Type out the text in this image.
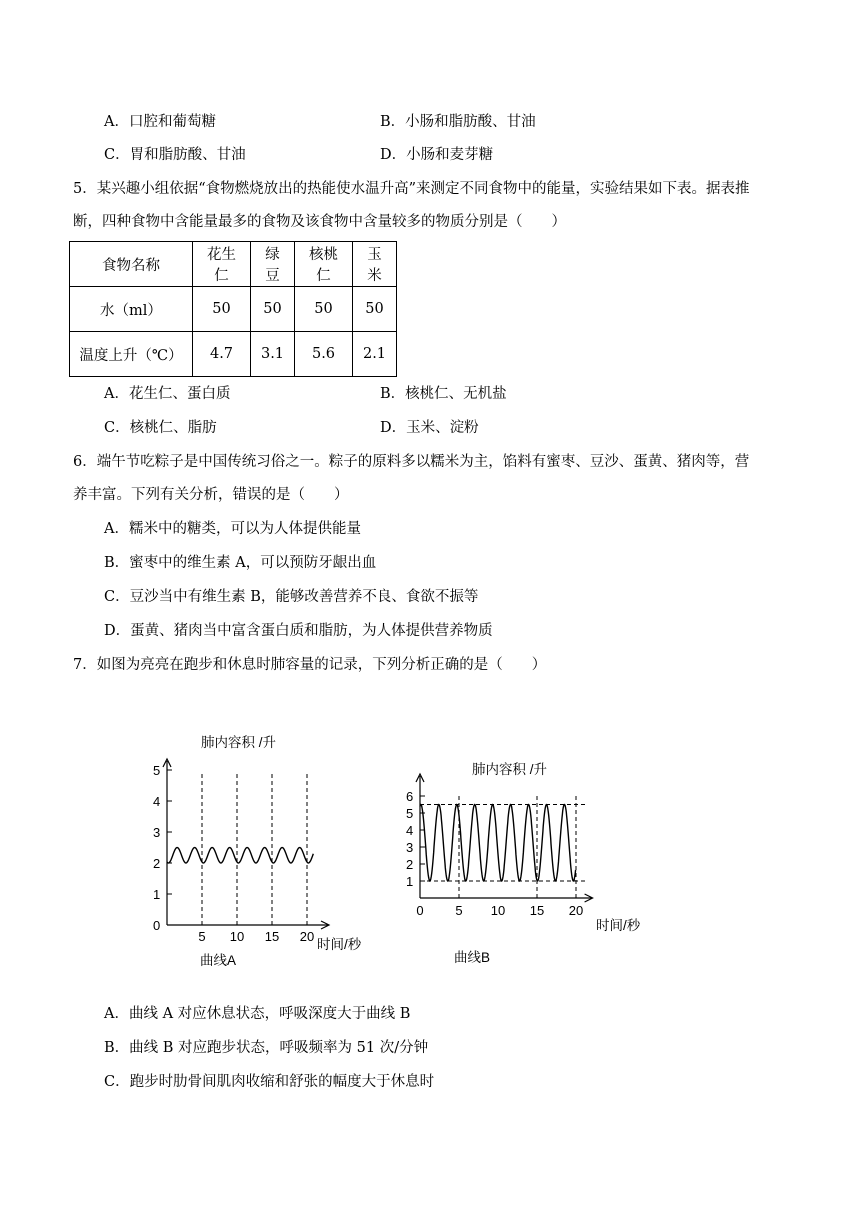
A．口腔和葡萄糖	B．小肠和脂肪酸、甘油
C．胃和脂肪酸、甘油	D．小肠和麦芽糖
5．某兴趣小组依据“食物燃烧放出的热能使水温升高”来测定不同食物中的能量，实验结果如下表。据表推
断，四种食物中含能量最多的食物及该食物中含量较多的物质分别是（　　）
食物名称	花生仁	绿豆	核桃仁	玉米
水（ml）	50	50	50	50
温度上升（℃）	4.7	3.1	5.6	2.1
A．花生仁、蛋白质	B．核桃仁、无机盐
C．核桃仁、脂肪	D．玉米、淀粉
6．端午节吃粽子是中国传统习俗之一。粽子的原料多以糯米为主，馅料有蜜枣、豆沙、蛋黄、猪肉等，营
养丰富。下列有关分析，错误的是（　　）
A．糯米中的糖类，可以为人体提供能量
B．蜜枣中的维生素 A，可以预防牙龈出血
C．豆沙当中有维生素 B，能够改善营养不良、食欲不振等
D．蛋黄、猪肉当中富含蛋白质和脂肪，为人体提供营养物质
7．如图为亮亮在跑步和休息时肺容量的记录，下列分析正确的是（　　）
肺内容积 /升
时间/秒
曲线A
0
1
2
3
4
5
5 10 15 20
肺内容积 /升
时间/秒
曲线B
1
2
3
4
5
6
0 5 10 15 20
A．曲线 A 对应休息状态，呼吸深度大于曲线 B
B．曲线 B 对应跑步状态，呼吸频率为 51 次/分钟
C．跑步时肋骨间肌肉收缩和舒张的幅度大于休息时
